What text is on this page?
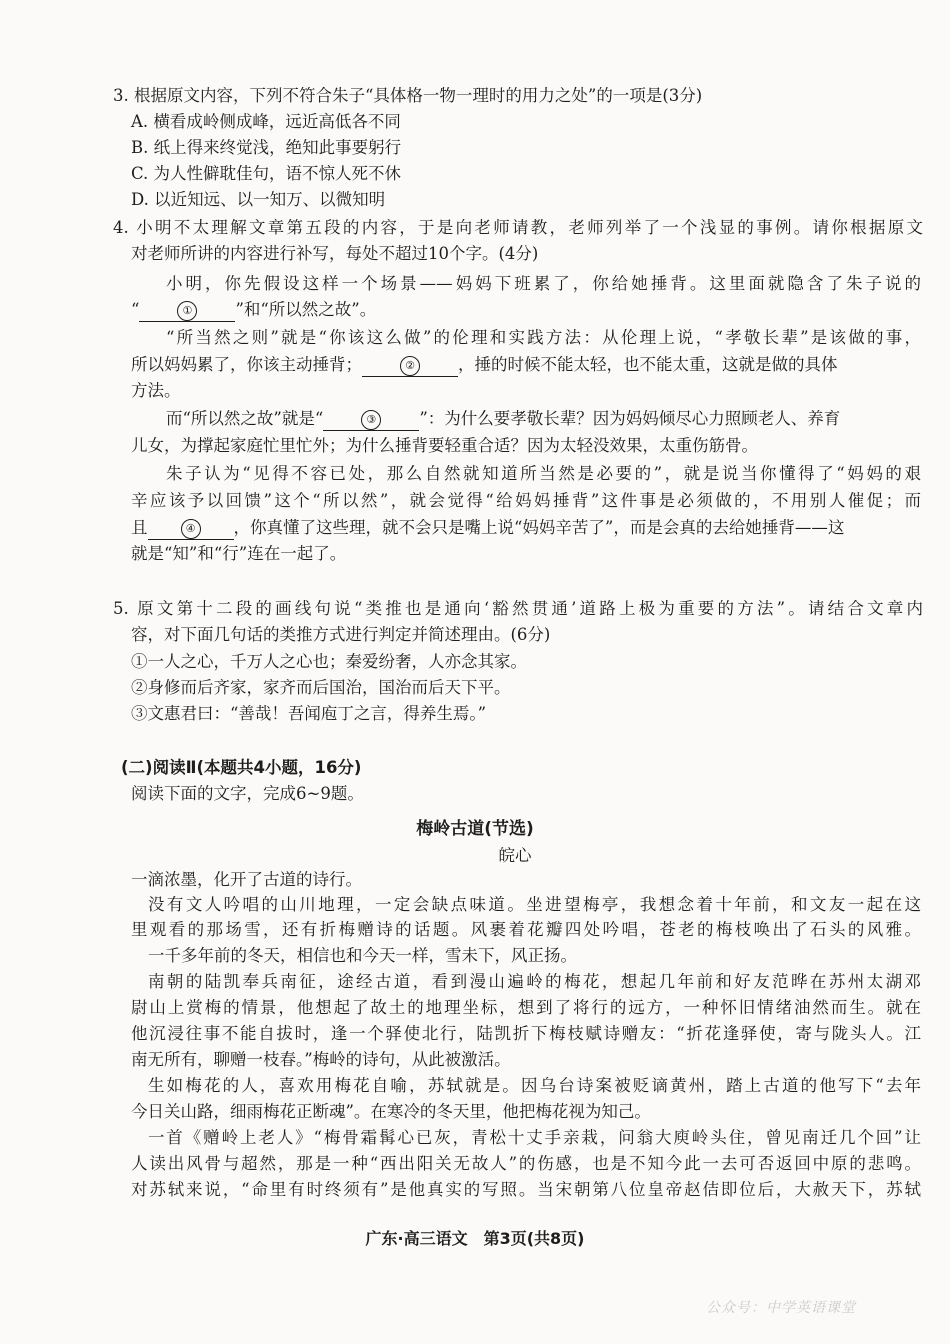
3. 根据原文内容，下列不符合朱子“具体格一物一理时的用力之处”的一项是(3分)
A. 横看成岭侧成峰，远近高低各不同
B. 纸上得来终觉浅，绝知此事要躬行
C. 为人性僻耽佳句，语不惊人死不休
D. 以近知远、以一知万、以微知明
4. 小明不太理解文章第五段的内容，于是向老师请教，老师列举了一个浅显的事例。请你根据原文
对老师所讲的内容进行补写，每处不超过10个字。(4分)
小明，你先假设这样一个场景——妈妈下班累了，你给她捶背。这里面就隐含了朱子说的
“	①	”和“所以然之故”。
“所当然之则”就是“你该这么做”的伦理和实践方法：从伦理上说，“孝敬长辈”是该做的事，
所以妈妈累了，你该主动捶背；	②	，捶的时候不能太轻，也不能太重，这就是做的具体
方法。
而“所以然之故”就是“	③	”：为什么要孝敬长辈？因为妈妈倾尽心力照顾老人、养育
儿女，为撑起家庭忙里忙外；为什么捶背要轻重合适？因为太轻没效果，太重伤筋骨。
朱子认为“见得不容已处，那么自然就知道所当然是必要的”，就是说当你懂得了“妈妈的艰
辛应该予以回馈”这个“所以然”，就会觉得“给妈妈捶背”这件事是必须做的，不用别人催促；而
且	④ ，你真懂了这些理，就不会只是嘴上说“妈妈辛苦了”，而是会真的去给她捶背——这
就是“知”和“行”连在一起了。
5. 原文第十二段的画线句说“类推也是通向‘豁然贯通’道路上极为重要的方法”。请结合文章内
容，对下面几句话的类推方式进行判定并简述理由。(6分)
①一人之心，千万人之心也；秦爱纷奢，人亦念其家。
②身修而后齐家，家齐而后国治，国治而后天下平。
③文惠君曰：“善哉！吾闻庖丁之言，得养生焉。”
(二)阅读Ⅱ(本题共4小题，16分)
阅读下面的文字，完成6~9题。
梅岭古道(节选)
皖心
一滴浓墨，化开了古道的诗行。
没有文人吟唱的山川地理，一定会缺点味道。坐进望梅亭，我想念着十年前，和文友一起在这
里观看的那场雪，还有折梅赠诗的话题。风裹着花瓣四处吟唱，苍老的梅枝唤出了石头的风雅。
一千多年前的冬天，相信也和今天一样，雪未下，风正扬。
南朝的陆凯奉兵南征，途经古道，看到漫山遍岭的梅花，想起几年前和好友范晔在苏州太湖邓
尉山上赏梅的情景，他想起了故土的地理坐标，想到了将行的远方，一种怀旧情绪油然而生。就在
他沉浸往事不能自拔时，逢一个驿使北行，陆凯折下梅枝赋诗赠友：“折花逢驿使，寄与陇头人。江
南无所有，聊赠一枝春。”梅岭的诗句，从此被激活。
生如梅花的人，喜欢用梅花自喻，苏轼就是。因乌台诗案被贬谪黄州，踏上古道的他写下“去年
今日关山路，细雨梅花正断魂”。在寒冷的冬天里，他把梅花视为知己。
一首《赠岭上老人》“梅骨霜髯心已灰，青松十丈手亲栽，问翁大庾岭头住，曾见南迁几个回”让
人读出风骨与超然，那是一种“西出阳关无故人”的伤感，也是不知今此一去可否返回中原的悲鸣。
对苏轼来说，“命里有时终须有”是他真实的写照。当宋朝第八位皇帝赵佶即位后，大赦天下，苏轼
广东·高三语文　第3页(共8页)
公众号：中学英语课堂
